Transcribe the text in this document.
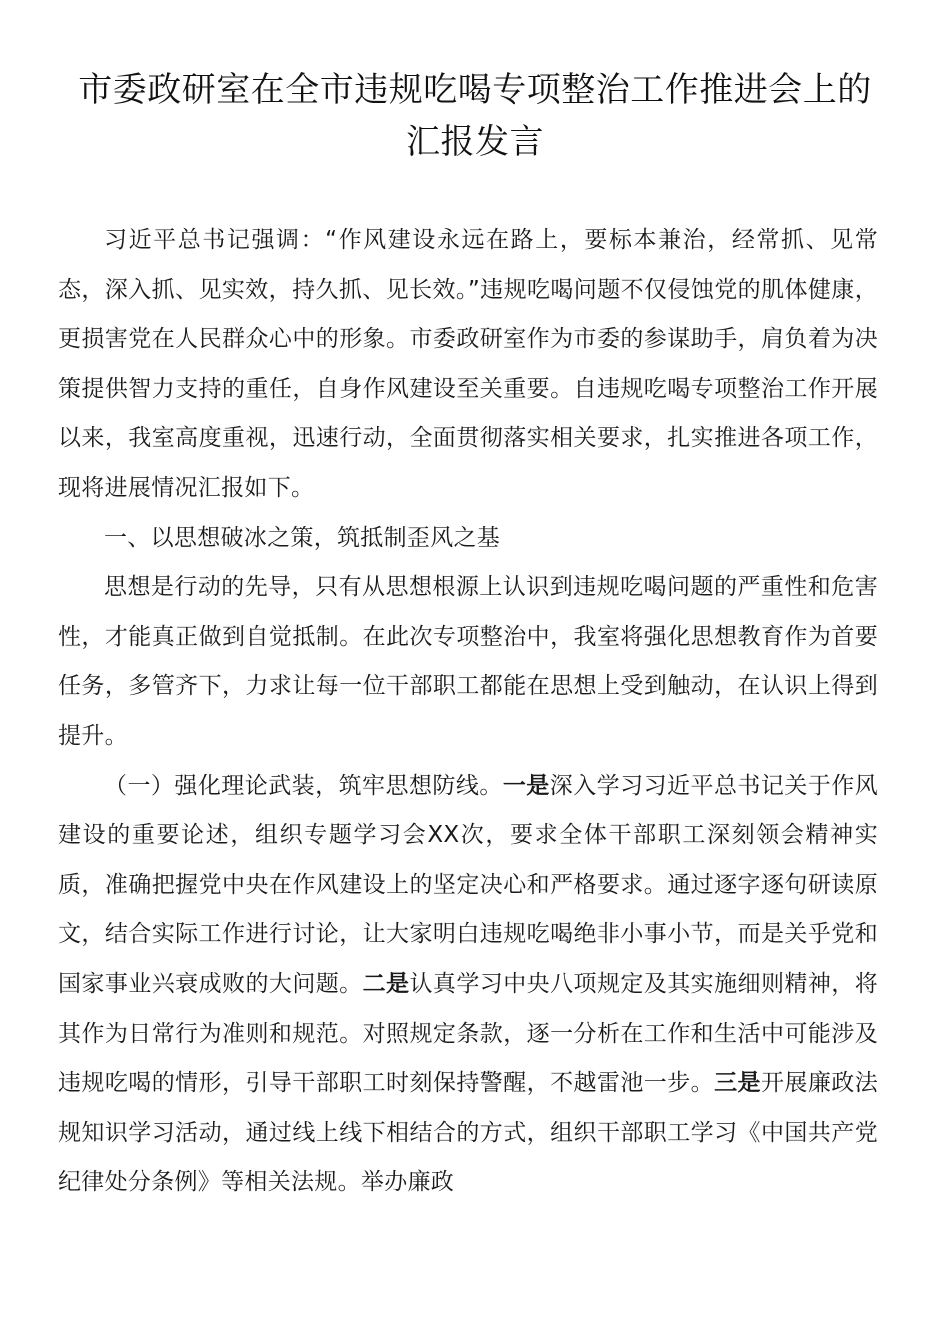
市委政研室在全市违规吃喝专项整治工作推进会上的
汇报发言

习近平总书记强调：“作风建设永远在路上，要标本兼治，经常抓、见常态，深入抓、见实效，持久抓、见长效。”违规吃喝问题不仅侵蚀党的肌体健康，更损害党在人民群众心中的形象。市委政研室作为市委的参谋助手，肩负着为决策提供智力支持的重任，自身作风建设至关重要。自违规吃喝专项整治工作开展以来，我室高度重视，迅速行动，全面贯彻落实相关要求，扎实推进各项工作，现将进展情况汇报如下。

一、以思想破冰之策，筑抵制歪风之基

思想是行动的先导，只有从思想根源上认识到违规吃喝问题的严重性和危害性，才能真正做到自觉抵制。在此次专项整治中，我室将强化思想教育作为首要任务，多管齐下，力求让每一位干部职工都能在思想上受到触动，在认识上得到提升。

（一）强化理论武装，筑牢思想防线。一是深入学习习近平总书记关于作风建设的重要论述，组织专题学习会XX次，要求全体干部职工深刻领会精神实质，准确把握党中央在作风建设上的坚定决心和严格要求。通过逐字逐句研读原文，结合实际工作进行讨论，让大家明白违规吃喝绝非小事小节，而是关乎党和国家事业兴衰成败的大问题。二是认真学习中央八项规定及其实施细则精神，将其作为日常行为准则和规范。对照规定条款，逐一分析在工作和生活中可能涉及违规吃喝的情形，引导干部职工时刻保持警醒，不越雷池一步。三是开展廉政法规知识学习活动，通过线上线下相结合的方式，组织干部职工学习《中国共产党纪律处分条例》等相关法规。举办廉政
